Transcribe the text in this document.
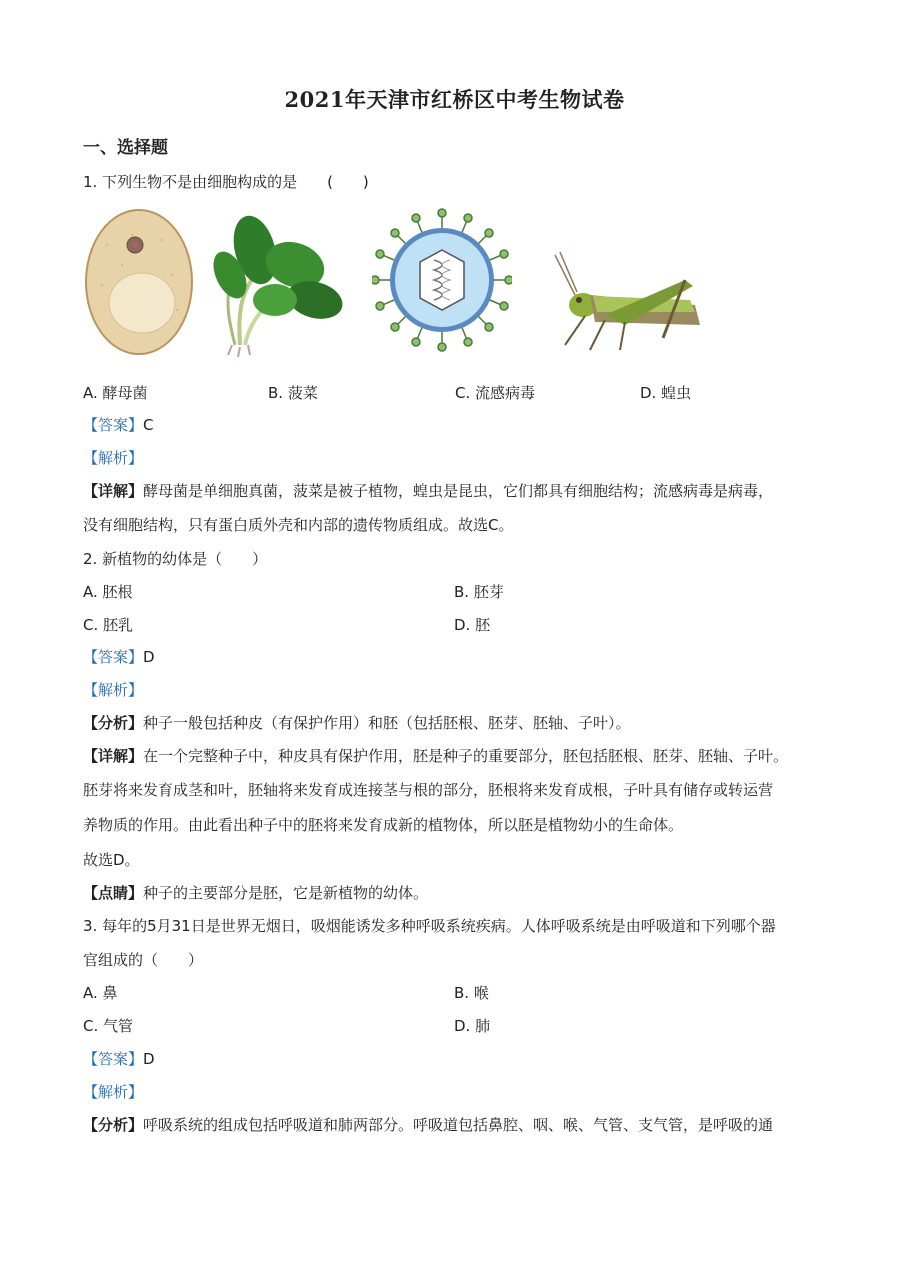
2021年天津市红桥区中考生物试卷
一、选择题
1. 下列生物不是由细胞构成的是　　(　　)
A. 酵母菌	B. 菠菜	C. 流感病毒	D. 蝗虫
【答案】C
【解析】
【详解】酵母菌是单细胞真菌，菠菜是被子植物，蝗虫是昆虫，它们都具有细胞结构；流感病毒是病毒，
没有细胞结构，只有蛋白质外壳和内部的遗传物质组成。故选C。
2. 新植物的幼体是（　　）
A. 胚根	B. 胚芽
C. 胚乳	D. 胚
【答案】D
【解析】
【分析】种子一般包括种皮（有保护作用）和胚（包括胚根、胚芽、胚轴、子叶）。
【详解】在一个完整种子中，种皮具有保护作用，胚是种子的重要部分，胚包括胚根、胚芽、胚轴、子叶。
胚芽将来发育成茎和叶，胚轴将来发育成连接茎与根的部分，胚根将来发育成根，子叶具有储存或转运营
养物质的作用。由此看出种子中的胚将来发育成新的植物体，所以胚是植物幼小的生命体。
故选D。
【点睛】种子的主要部分是胚，它是新植物的幼体。
3. 每年的5月31日是世界无烟日，吸烟能诱发多种呼吸系统疾病。人体呼吸系统是由呼吸道和下列哪个器
官组成的（　　）
A. 鼻	B. 喉
C. 气管	D. 肺
【答案】D
【解析】
【分析】呼吸系统的组成包括呼吸道和肺两部分。呼吸道包括鼻腔、咽、喉、气管、支气管，是呼吸的通
